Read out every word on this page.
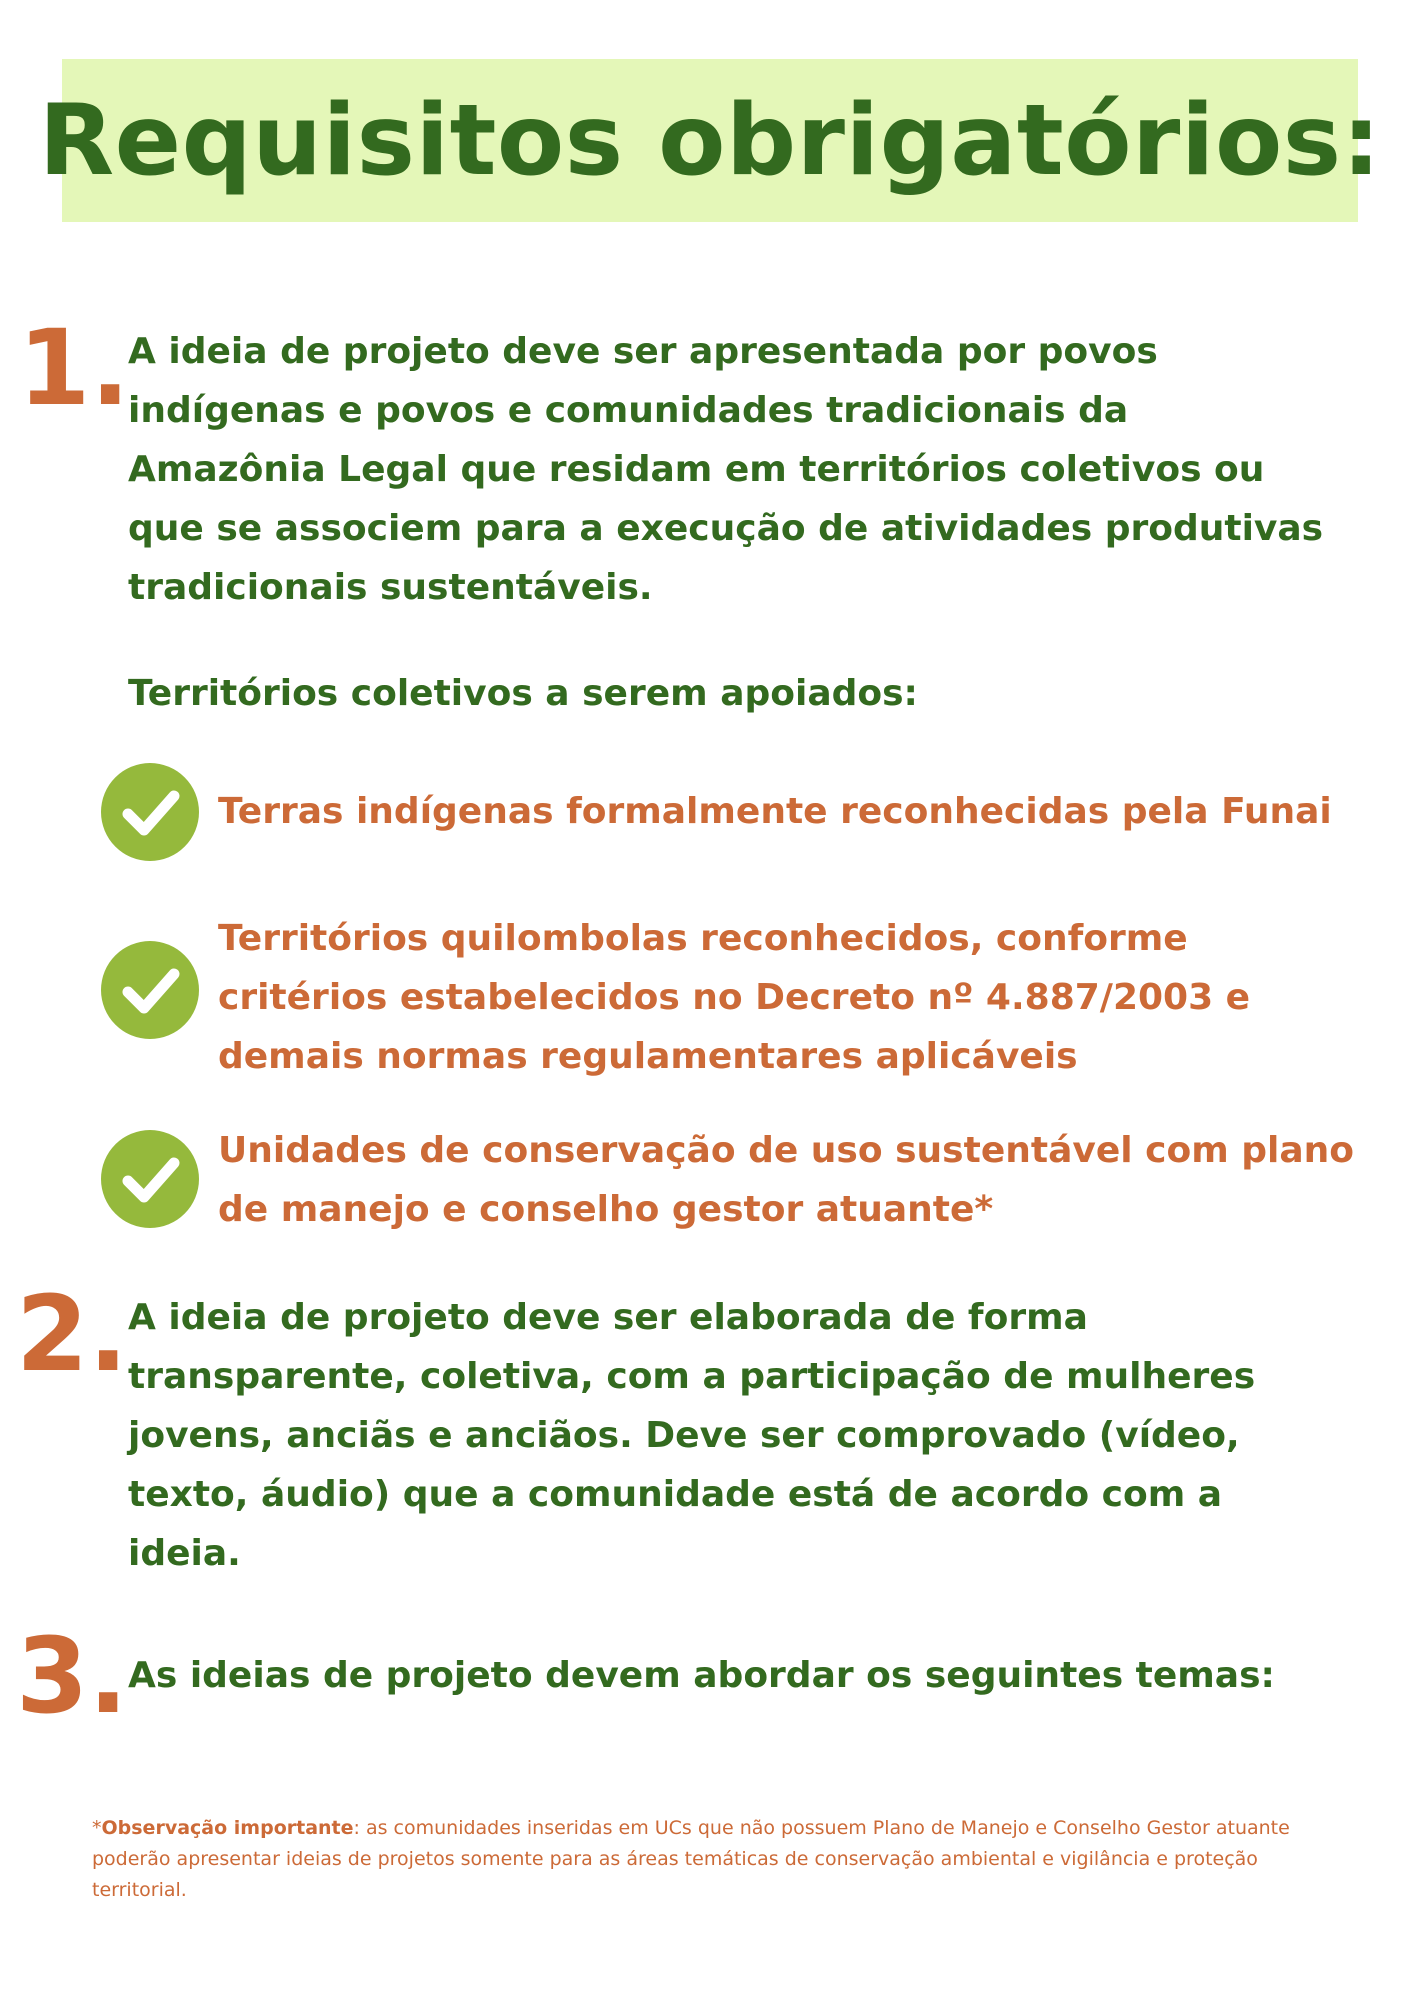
Requisitos obrigatórios:
1.

A ideia de projeto deve ser apresentada por povos indígenas e povos e comunidades tradicionais da Amazônia Legal que residam em territórios coletivos ou que se associem para a execução de atividades produtivas tradicionais sustentáveis.

Territórios coletivos a serem apoiados:

Terras indígenas formalmente reconhecidas pela Funai

Territórios quilombolas reconhecidos, conforme critérios estabelecidos no Decreto nº 4.887/2003 e demais normas regulamentares aplicáveis

Unidades de conservação de uso sustentável com plano de manejo e conselho gestor atuante*

2. A ideia de projeto deve ser elaborada de forma transparente, coletiva, com a participação de mulheres jovens, anciãs e anciãos. Deve ser comprovado (vídeo, texto, áudio) que a comunidade está de acordo com a ideia.

3. As ideias de projeto devem abordar os seguintes temas:

*Observação importante: as comunidades inseridas em UCs que não possuem Plano de Manejo e Conselho Gestor atuante poderão apresentar ideias de projetos somente para as áreas temáticas de conservação ambiental e vigilância e proteção territorial.
